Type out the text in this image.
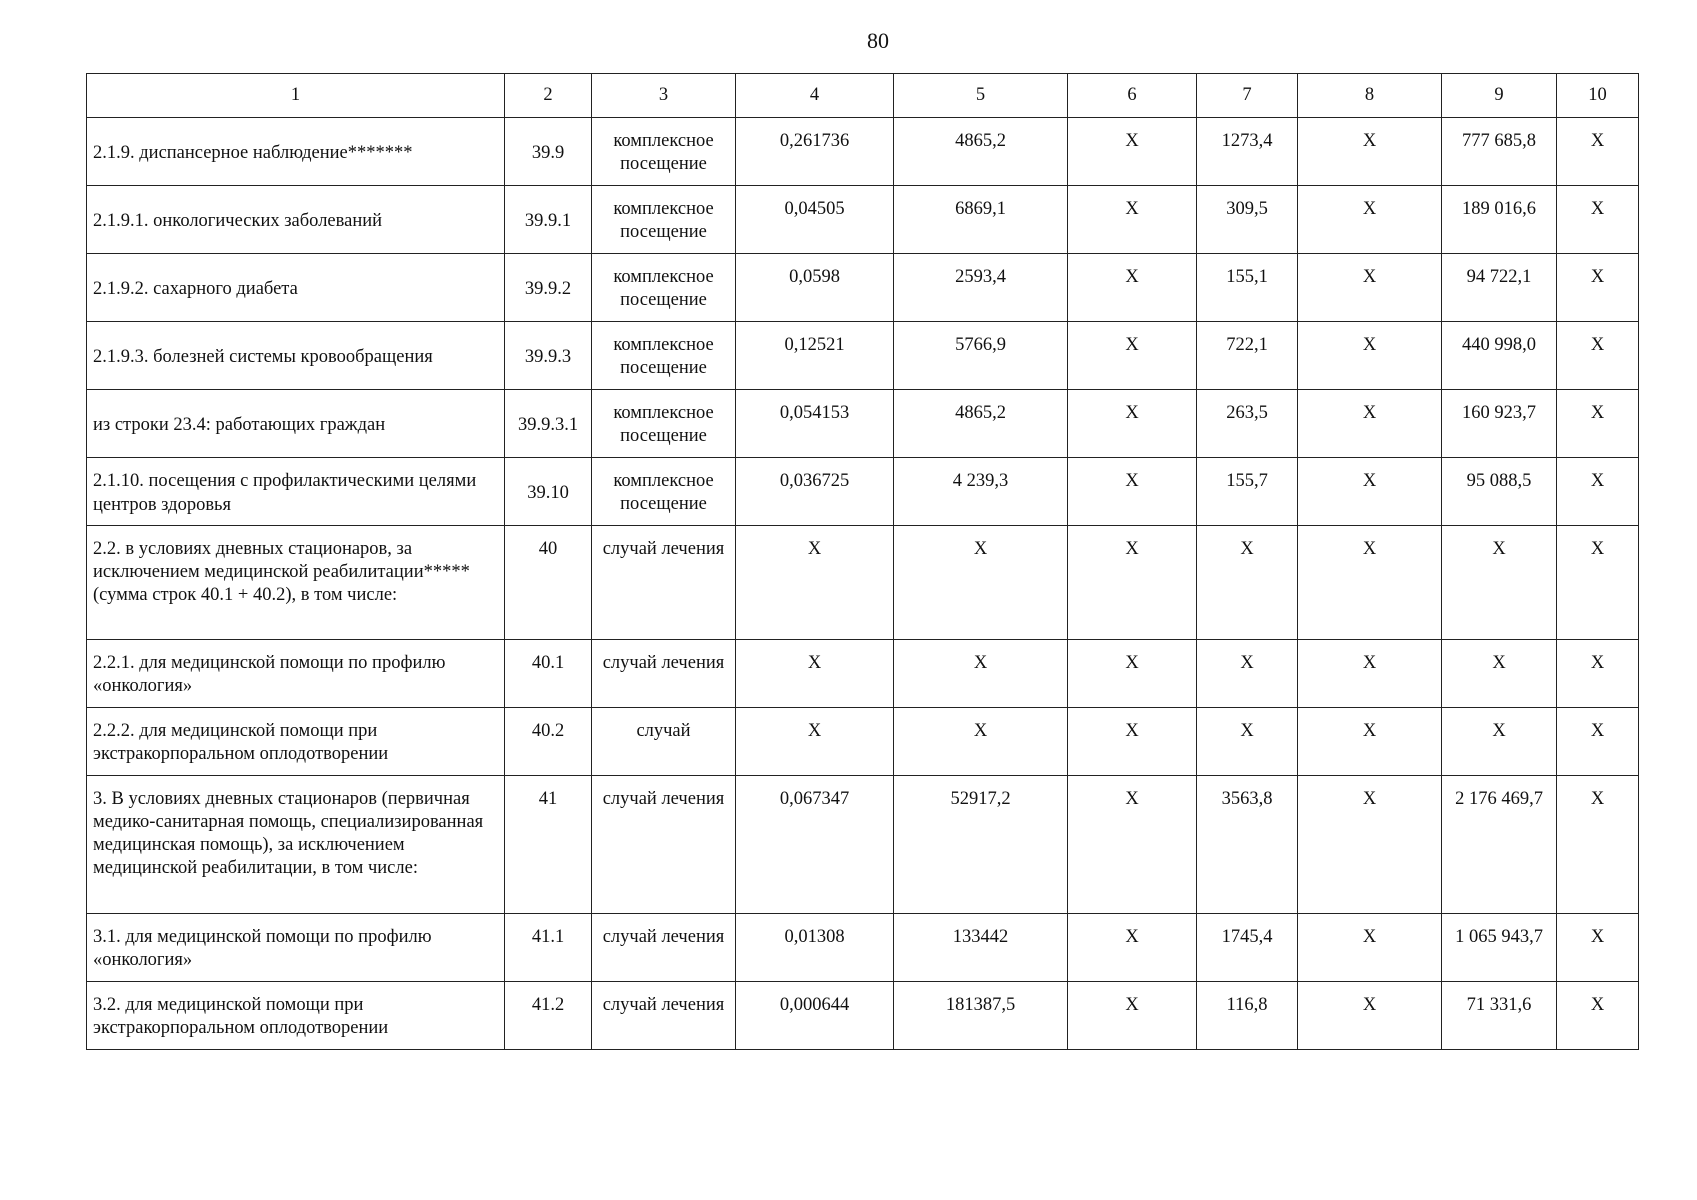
80
1	2	3	4	5	6	7	8	9	10

2.1.9. диспансерное наблюдение*******	39.9	комплексное посещение	0,261736	4865,2	Х	1273,4	Х	777 685,8	Х

2.1.9.1. онкологических заболеваний	39.9.1	комплексное посещение	0,04505	6869,1	Х	309,5	Х	189 016,6	Х

2.1.9.2. сахарного диабета	39.9.2	комплексное посещение	0,0598	2593,4	Х	155,1	Х	94 722,1	Х

2.1.9.3. болезней системы кровообращения	39.9.3	комплексное посещение	0,12521	5766,9	Х	722,1	Х	440 998,0	Х

из строки 23.4: работающих граждан	39.9.3.1	комплексное посещение	0,054153	4865,2	Х	263,5	Х	160 923,7	Х

2.1.10. посещения с профилактическими целями центров здоровья	39.10	комплексное посещение	0,036725	4 239,3	Х	155,7	Х	95 088,5	Х

2.2. в условиях дневных стационаров, за исключением медицинской реабилитации***** (сумма строк 40.1 + 40.2), в том числе:	40	случай лечения	Х	Х	Х	Х	Х	Х	Х

2.2.1. для медицинской помощи по профилю «онкология»	40.1	случай лечения	Х	Х	Х	Х	Х	Х	Х

2.2.2. для медицинской помощи при экстракорпоральном оплодотворении	40.2	случай	Х	Х	Х	Х	Х	Х	Х

3. В условиях дневных стационаров (первичная медико-санитарная помощь, специализированная медицинская помощь), за исключением медицинской реабилитации, в том числе:	41	случай лечения	0,067347	52917,2	Х	3563,8	Х	2 176 469,7	Х

3.1. для медицинской помощи по профилю «онкология»	41.1	случай лечения	0,01308	133442	Х	1745,4	Х	1 065 943,7	Х

3.2. для медицинской помощи при экстракорпоральном оплодотворении	41.2	случай лечения	0,000644	181387,5	Х	116,8	Х	71 331,6	Х
